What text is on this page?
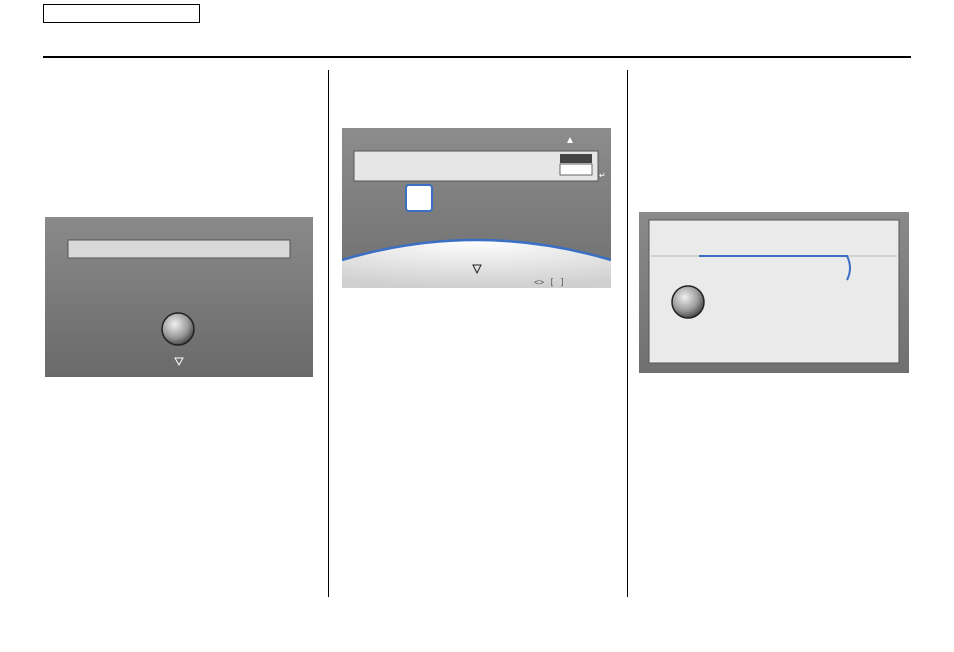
↵
<> [ ]
